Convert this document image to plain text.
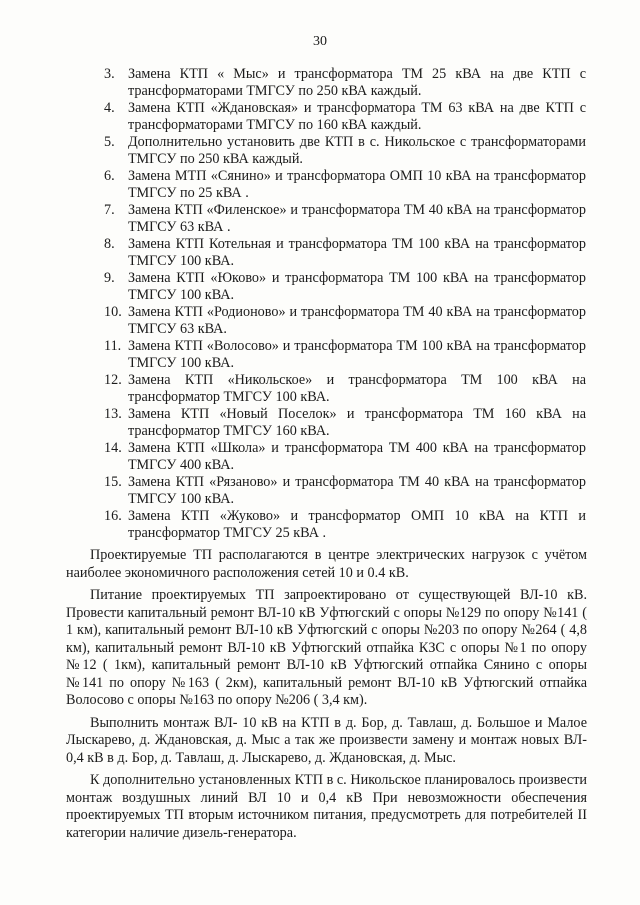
30
3. Замена КТП « Мыс» и трансформатора ТМ 25 кВА на две КТП с трансформаторами ТМГСУ по 250 кВА каждый.
4. Замена КТП «Ждановская» и трансформатора ТМ 63 кВА на две КТП с трансформаторами ТМГСУ по 160 кВА каждый.
5. Дополнительно установить две КТП в с. Никольское с трансформаторами ТМГСУ по 250 кВА каждый.
6. Замена МТП «Сянино» и трансформатора ОМП 10 кВА на трансформатор ТМГСУ по 25 кВА .
7. Замена КТП «Филенское» и трансформатора ТМ 40 кВА на трансформатор ТМГСУ 63 кВА .
8. Замена КТП Котельная и трансформатора ТМ 100 кВА на трансформатор ТМГСУ 100 кВА.
9. Замена КТП «Юково» и трансформатора ТМ 100 кВА на трансформатор ТМГСУ 100 кВА.
10. Замена КТП «Родионово» и трансформатора ТМ 40 кВА на трансформатор ТМГСУ 63 кВА.
11. Замена КТП «Волосово» и трансформатора ТМ 100 кВА на трансформатор ТМГСУ 100 кВА.
12. Замена КТП «Никольское» и трансформатора ТМ 100 кВА на трансформатор ТМГСУ 100 кВА.
13. Замена КТП «Новый Поселок» и трансформатора ТМ 160 кВА на трансформатор ТМГСУ 160 кВА.
14. Замена КТП «Школа» и трансформатора ТМ 400 кВА на трансформатор ТМГСУ 400 кВА.
15. Замена КТП «Рязаново» и трансформатора ТМ 40 кВА на трансформатор ТМГСУ 100 кВА.
16. Замена КТП «Жуково» и трансформатор ОМП 10 кВА на КТП и трансформатор ТМГСУ 25 кВА .

Проектируемые ТП располагаются в центре электрических нагрузок с учётом наиболее экономичного расположения сетей 10 и 0.4 кВ.

Питание проектируемых ТП запроектировано от существующей ВЛ-10 кВ. Провести капитальный ремонт ВЛ-10 кВ Уфтюгский с опоры №129 по опору №141 ( 1 км), капитальный ремонт ВЛ-10 кВ Уфтюгский с опоры №203 по опору №264 ( 4,8 км), капитальный ремонт ВЛ-10 кВ Уфтюгский отпайка КЗС с опоры №1 по опору №12 ( 1км), капитальный ремонт ВЛ-10 кВ Уфтюгский отпайка Сянино с опоры №141 по опору №163 ( 2км), капитальный ремонт ВЛ-10 кВ Уфтюгский отпайка Волосово с опоры №163 по опору №206 ( 3,4 км).

Выполнить монтаж ВЛ- 10 кВ на КТП в д. Бор, д. Тавлаш, д. Большое и Малое Лыскарево, д. Ждановская, д. Мыс а так же произвести замену и монтаж новых ВЛ- 0,4 кВ в д. Бор, д. Тавлаш, д. Лыскарево, д. Ждановская, д. Мыс.

К дополнительно установленных КТП в с. Никольское планировалось произвести монтаж воздушных линий ВЛ 10 и 0,4 кВ При невозможности обеспечения проектируемых ТП вторым источником питания, предусмотреть для потребителей II категории наличие дизель-генератора.
